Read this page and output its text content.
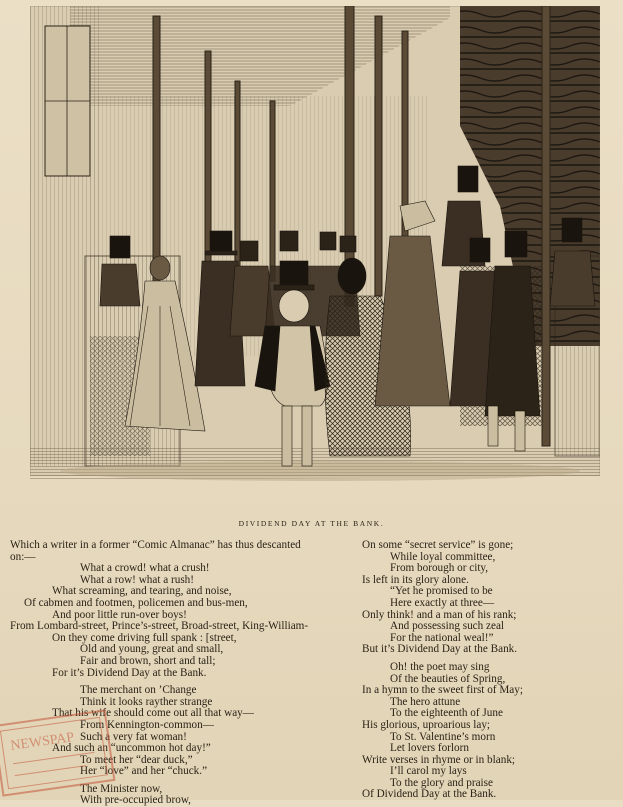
DIVIDEND DAY AT THE BANK.
Which a writer in a former “Comic Almanac” has thus descanted
on:—
What a crowd! what a crush!
What a row! what a rush!
What screaming, and tearing, and noise,
Of cabmen and footmen, policemen and bus-men,
And poor little run-over boys!
From Lombard-street, Prince’s-street, Broad-street, King-William-
On they come driving full spank : [street,
Old and young, great and small,
Fair and brown, short and tall;
For it’s Dividend Day at the Bank.
The merchant on ’Change
Think it looks rayther strange
That his wife should come out all that way—
From Kennington-common—
Such a very fat woman!
And such an “uncommon hot day!”
To meet her “dear duck,”
Her “love” and her “chuck.”
The Minister now,
With pre-occupied brow,
On some “secret service” is gone;
While loyal committee,
From borough or city,
Is left in its glory alone.
“Yet he promised to be
Here exactly at three—
Only think! and a man of his rank;
And possessing such zeal
For the national weal!”
But it’s Dividend Day at the Bank.
Oh! the poet may sing
Of the beauties of Spring,
In a hymn to the sweet first of May;
The hero attune
To the eighteenth of June
His glorious, uproarious lay;
To St. Valentine’s morn
Let lovers forlorn
Write verses in rhyme or in blank;
I’ll carol my lays
To the glory and praise
Of Dividend Day at the Bank.
NEWSPAP
